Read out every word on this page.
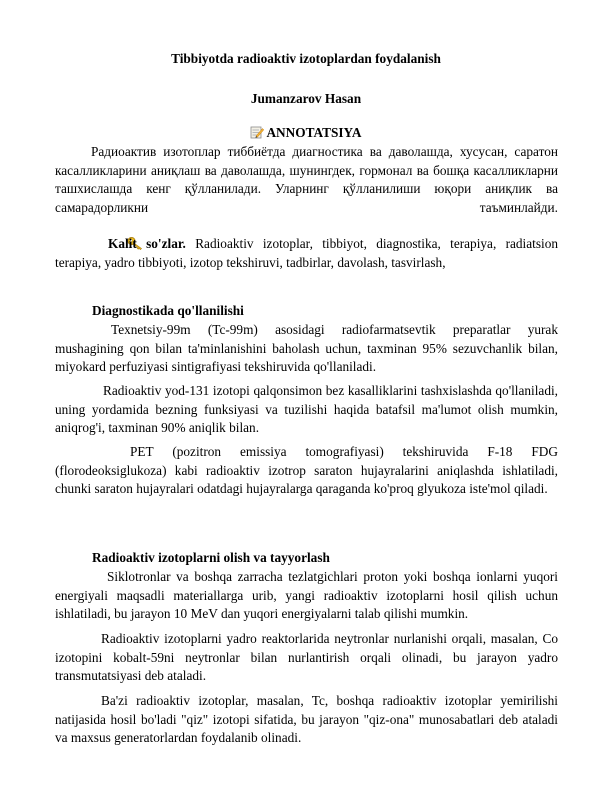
Tibbiyotda radioaktiv izotoplardan foydalanish
Jumanzarov Hasan
ANNOTATSIYA
Радиоактив изотоплар тиббиётда диагностика ва даволашда, хусусан, саратон касалликларини аниқлаш ва даволашда, шунингдек, гормонал ва бошқа касалликларни ташхислашда кенг қўлланилади. Уларнинг қўлланилиши юқори аниқлик ва самарадорликни таъминлайди.
Kalit so'zlar. Radioaktiv izotoplar, tibbiyot, diagnostika, terapiya, radiatsion terapiya, yadro tibbiyoti, izotop tekshiruvi, tadbirlar, davolash, tasvirlash,
Diagnostikada qo'llanilishi
Texnetsiy-99m (Tc-99m) asosidagi radiofarmatsevtik preparatlar yurak mushagining qon bilan ta'minlanishini baholash uchun, taxminan 95% sezuvchanlik bilan, miyokard perfuziyasi sintigrafiyasi tekshiruvida qo'llaniladi.
Radioaktiv yod-131 izotopi qalqonsimon bez kasalliklarini tashxislashda qo'llaniladi, uning yordamida bezning funksiyasi va tuzilishi haqida batafsil ma'lumot olish mumkin, aniqrog'i, taxminan 90% aniqlik bilan.
PET (pozitron emissiya tomografiyasi) tekshiruvida F-18 FDG (florodeoksiglukoza) kabi radioaktiv izotrop saraton hujayralarini aniqlashda ishlatiladi, chunki saraton hujayralari odatdagi hujayralarga qaraganda ko'proq glyukoza iste'mol qiladi.
Radioaktiv izotoplarni olish va tayyorlash
Siklotronlar va boshqa zarracha tezlatgichlari proton yoki boshqa ionlarni yuqori energiyali maqsadli materiallarga urib, yangi radioaktiv izotoplarni hosil qilish uchun ishlatiladi, bu jarayon 10 MeV dan yuqori energiyalarni talab qilishi mumkin.
Radioaktiv izotoplarni yadro reaktorlarida neytronlar nurlanishi orqali, masalan, Co izotopini kobalt-59ni neytronlar bilan nurlantirish orqali olinadi, bu jarayon yadro transmutatsiyasi deb ataladi.
Ba'zi radioaktiv izotoplar, masalan, Tc, boshqa radioaktiv izotoplar yemirilishi natijasida hosil bo'ladi "qiz" izotopi sifatida, bu jarayon "qiz-ona" munosabatlari deb ataladi va maxsus generatorlardan foydalanib olinadi.
